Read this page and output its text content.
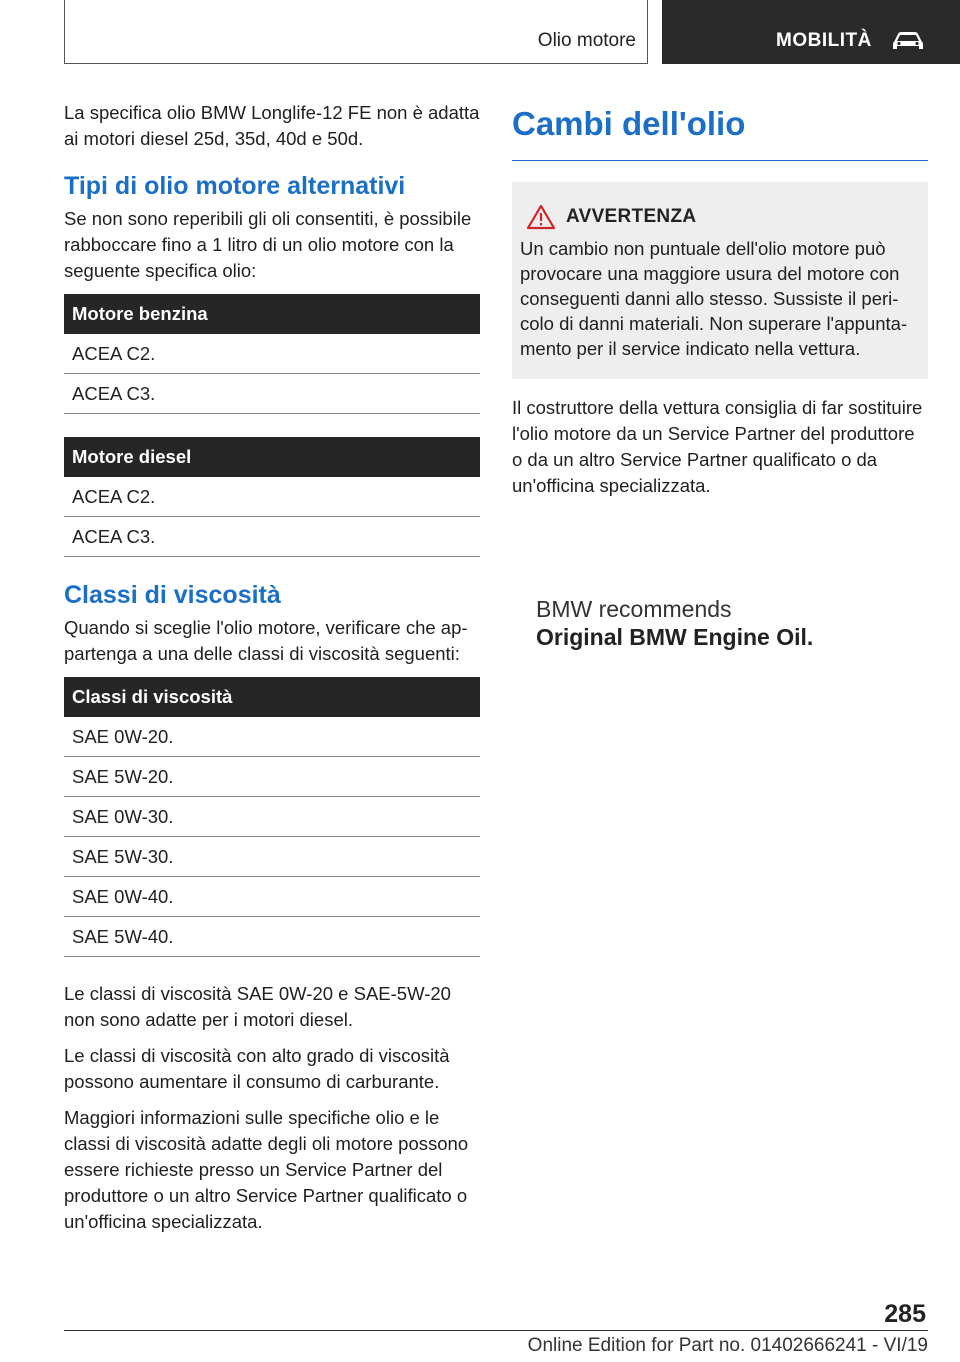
Olio motore	MOBILITÀ

La specifica olio BMW Longlife-12 FE non è adatta ai motori diesel 25d, 35d, 40d e 50d.

Tipi di olio motore alternativi

Se non sono reperibili gli oli consentiti, è possibile rabboccare fino a 1 litro di un olio motore con la seguente specifica olio:

Motore benzina
ACEA C2.
ACEA C3.
Motore diesel
ACEA C2.
ACEA C3.
Classi di viscosità

Quando si sceglie l'olio motore, verificare che appartenga a una delle classi di viscosità seguenti:

Classi di viscosità
SAE 0W-20.
SAE 5W-20.
SAE 0W-30.
SAE 5W-30.
SAE 0W-40.
SAE 5W-40.

Le classi di viscosità SAE 0W-20 e SAE-5W-20 non sono adatte per i motori diesel.

Le classi di viscosità con alto grado di viscosità possono aumentare il consumo di carburante.

Maggiori informazioni sulle specifiche olio e le classi di viscosità adatte degli oli motore possono essere richieste presso un Service Partner del produttore o un altro Service Partner qualificato o un'officina specializzata.

Cambi dell'olio
AVVERTENZA

Un cambio non puntuale dell'olio motore può provocare una maggiore usura del motore con conseguenti danni allo stesso. Sussiste il pericolo di danni materiali. Non superare l'appuntamento per il service indicato nella vettura.

Il costruttore della vettura consiglia di far sostituire l'olio motore da un Service Partner del produttore o da un altro Service Partner qualificato o da un'officina specializzata.

BMW recommends
Original BMW Engine Oil.
285
Online Edition for Part no. 01402666241 - VI/19
